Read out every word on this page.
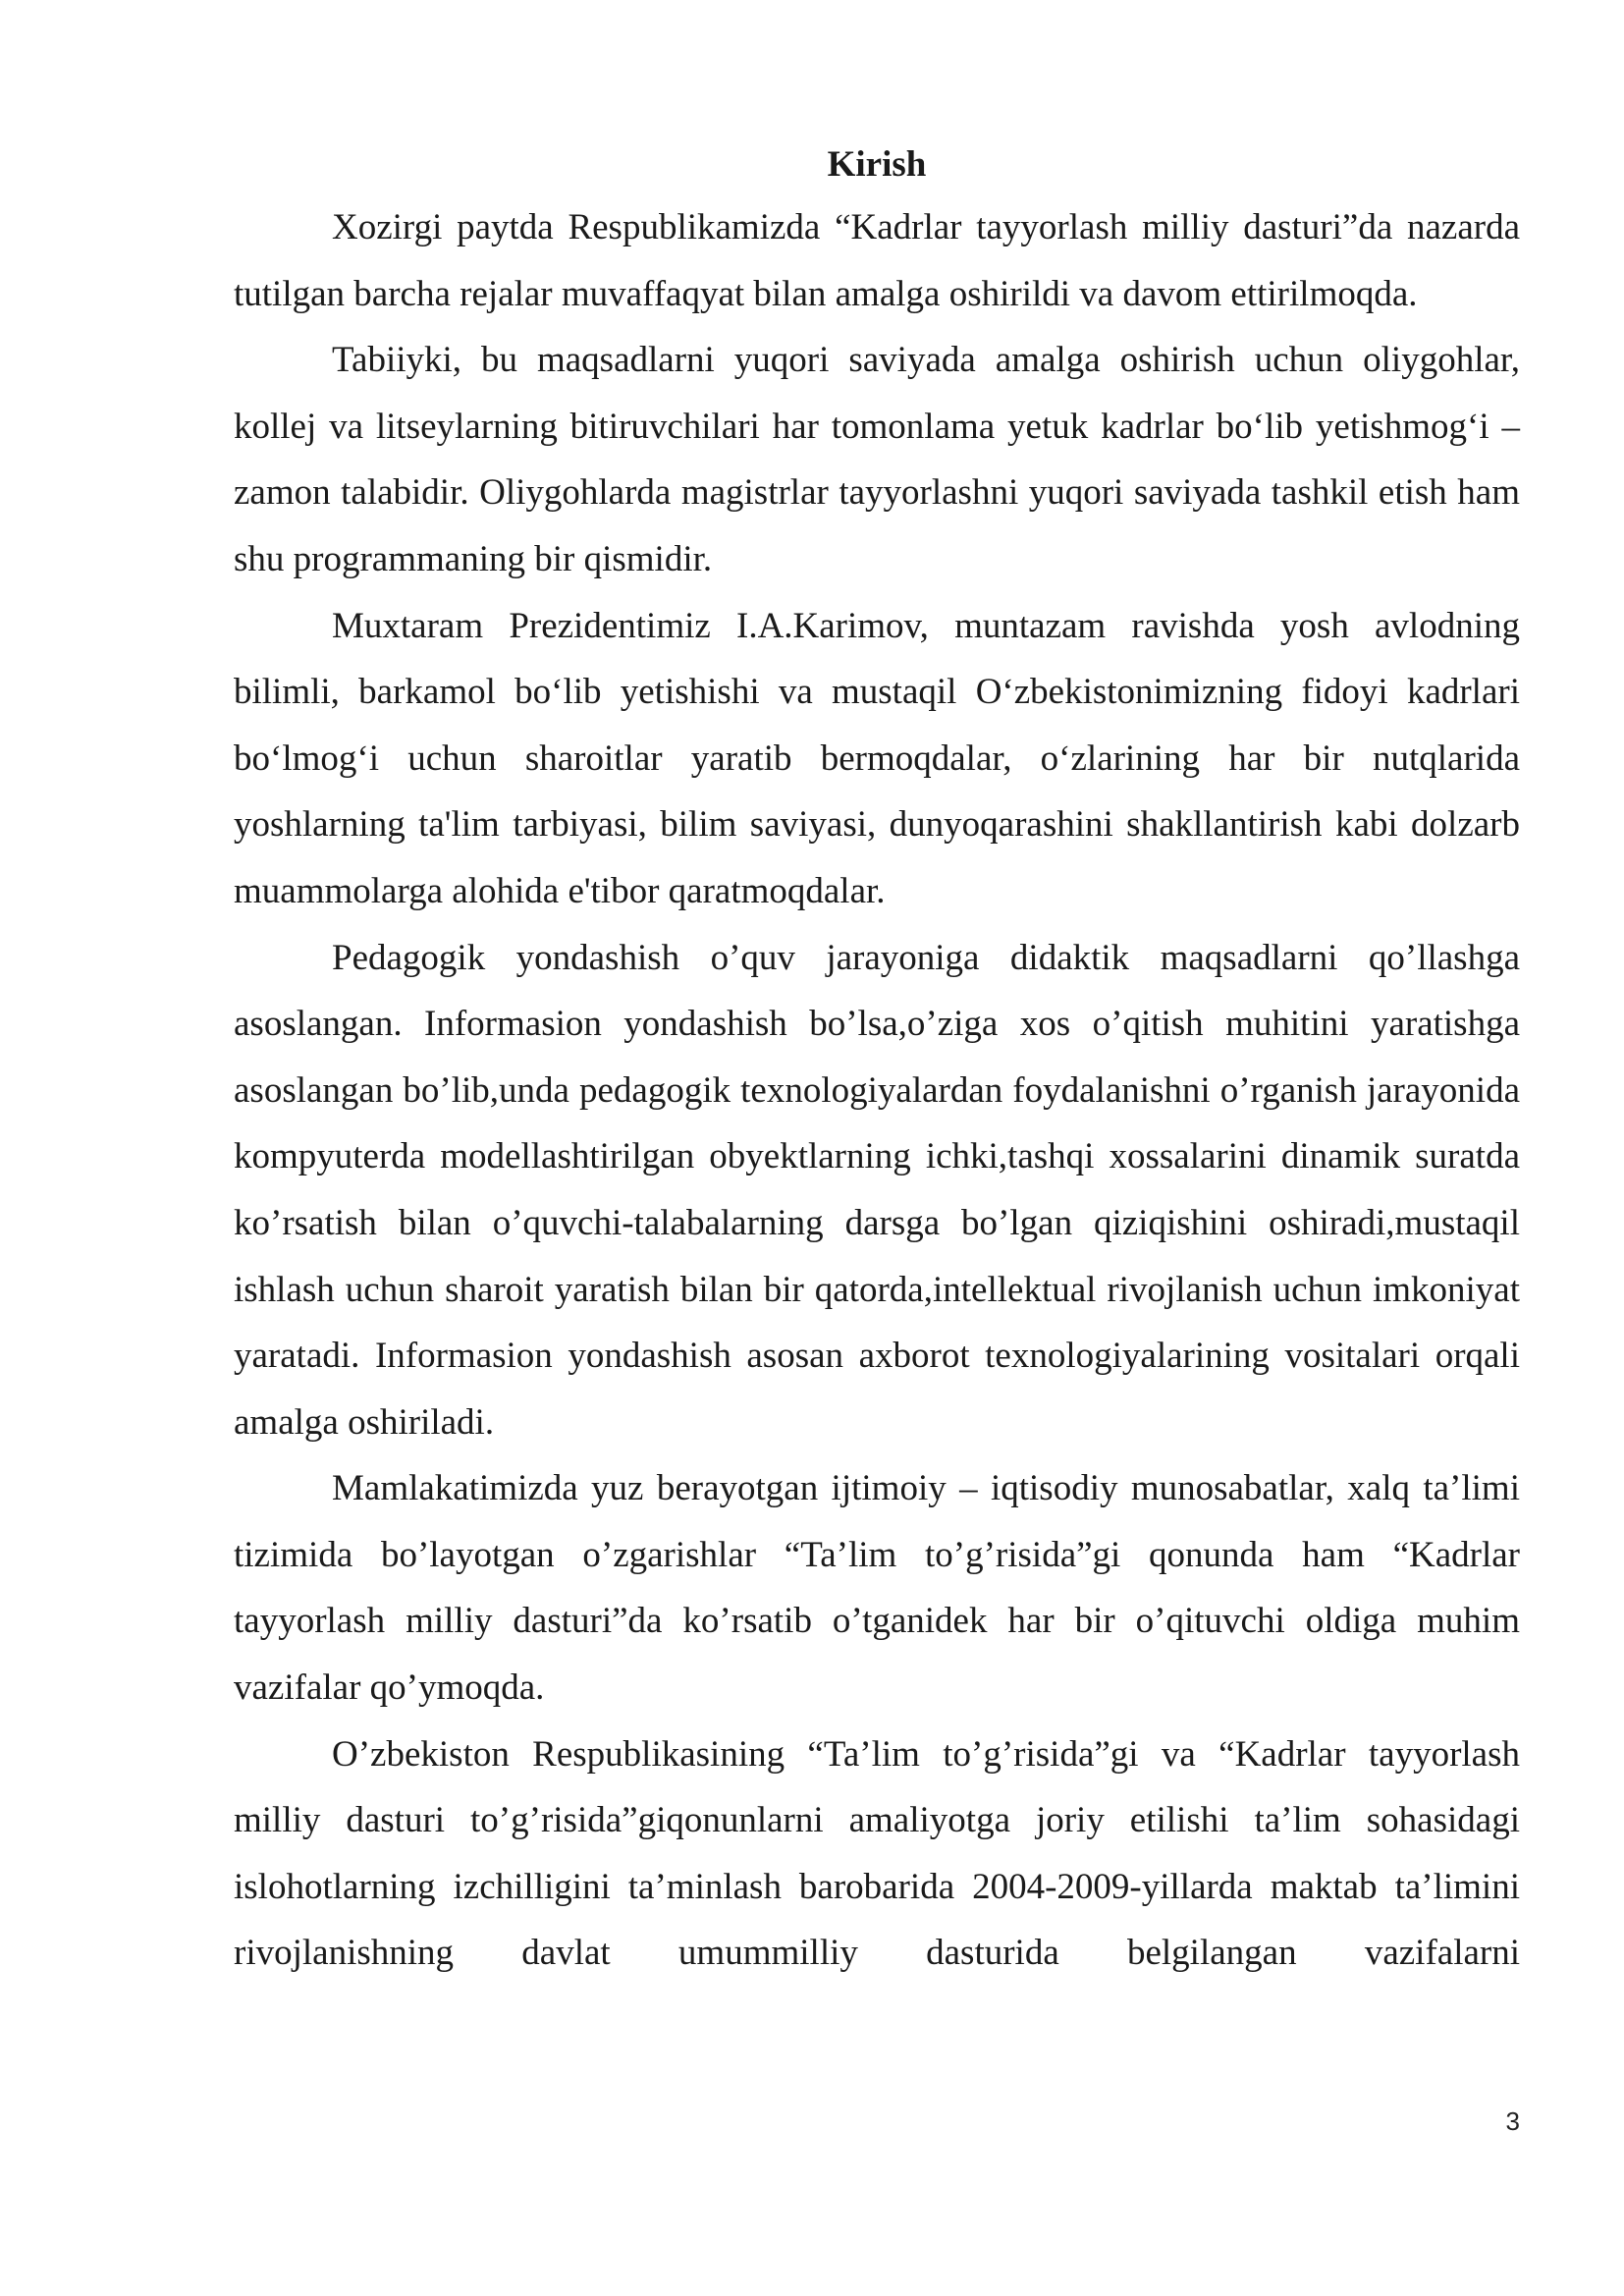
Kirish

Xozirgi paytda Respublikamizda “Kadrlar tayyorlash milliy dasturi”da nazarda tutilgan barcha rejalar muvaffaqyat bilan amalga oshirildi va davom ettirilmoqda.

Tabiiyki, bu maqsadlarni yuqori saviyada amalga oshirish uchun oliygohlar, kollej va litseylarning bitiruvchilari har tomonlama yetuk kadrlar bo‘lib yetishmog‘i – zamon talabidir. Oliygohlarda magistrlar tayyorlashni yuqori saviyada tashkil etish ham shu programmaning bir qismidir.

Muxtaram Prezidentimiz I.A.Karimov, muntazam ravishda yosh avlodning bilimli, barkamol bo‘lib yetishishi va mustaqil O‘zbekistonimizning fidoyi kadrlari bo‘lmog‘i uchun sharoitlar yaratib bermoqdalar, o‘zlarining har bir nutqlarida yoshlarning ta'lim tarbiyasi, bilim saviyasi, dunyoqarashini shakllantirish kabi dolzarb muammolarga alohida e'tibor qaratmoqdalar.

Pedagogik yondashish o’quv jarayoniga didaktik maqsadlarni qo’llashga asoslangan. Informasion yondashish bo’lsa,o’ziga xos o’qitish muhitini yaratishga asoslangan bo’lib,unda pedagogik texnologiyalardan foydalanishni o’rganish jarayonida kompyuterda modellashtirilgan obyektlarning ichki,tashqi xossalarini dinamik suratda ko’rsatish bilan o’quvchi-talabalarning darsga bo’lgan qiziqishini oshiradi,mustaqil ishlash uchun sharoit yaratish bilan bir qatorda,intellektual rivojlanish uchun imkoniyat yaratadi. Informasion yondashish asosan axborot texnologiyalarining vositalari orqali amalga oshiriladi.

Mamlakatimizda yuz berayotgan ijtimoiy – iqtisodiy munosabatlar, xalq ta’limi tizimida bo’layotgan o’zgarishlar “Ta’lim to’g’risida”gi qonunda ham “Kadrlar tayyorlash milliy dasturi”da ko’rsatib o’tganidek har bir o’qituvchi oldiga muhim vazifalar qo’ymoqda.

O’zbekiston Respublikasining “Ta’lim to’g’risida”gi va “Kadrlar tayyorlash milliy dasturi to’g’risida”giqonunlarni amaliyotga joriy etilishi ta’lim sohasidagi islohotlarning izchilligini ta’minlash barobarida 2004-2009-yillarda maktab ta’limini rivojlanishning davlat umummilliy dasturida belgilangan vazifalarni

3
